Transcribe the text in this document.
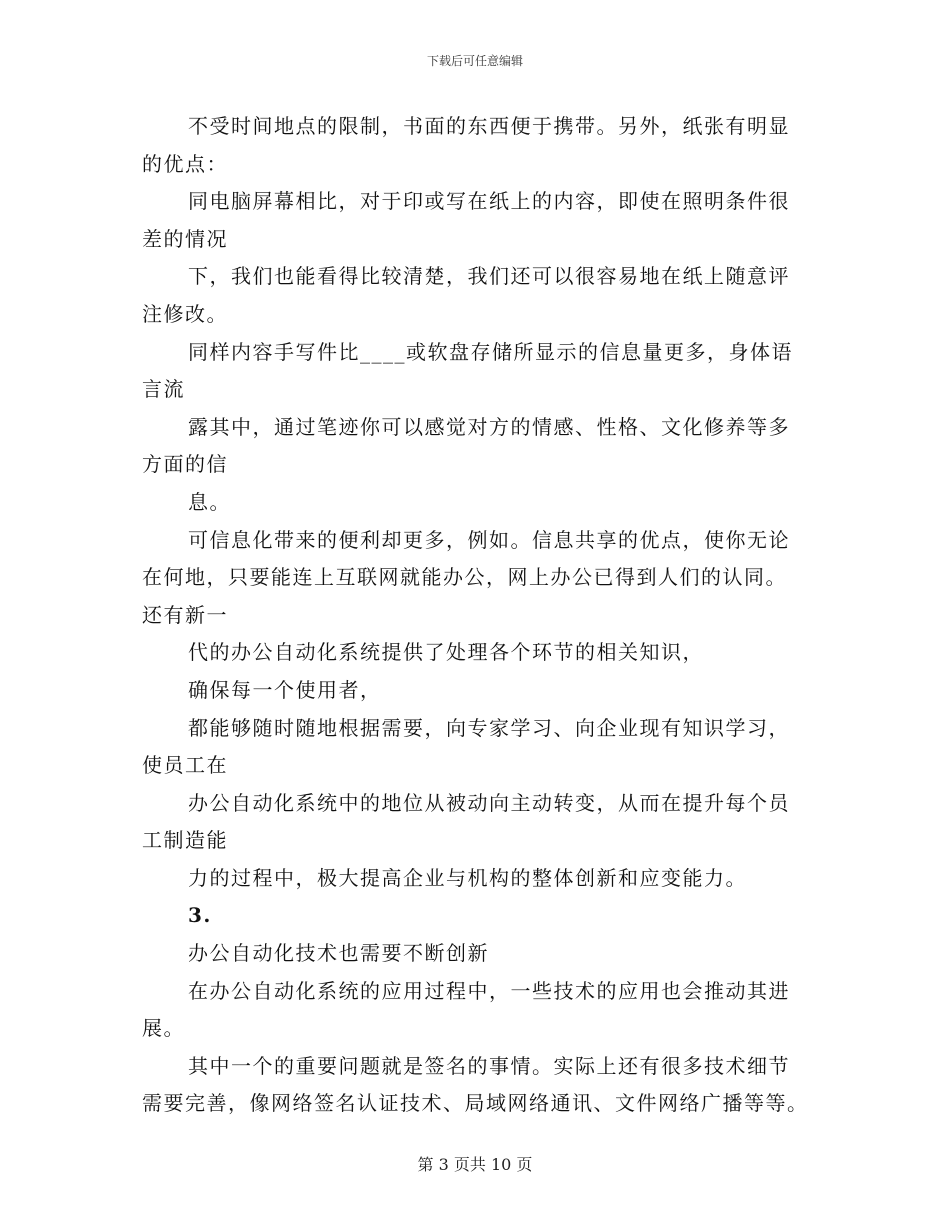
下载后可任意编辑
不受时间地点的限制，书面的东西便于携带。另外，纸张有明显
的优点：
同电脑屏幕相比，对于印或写在纸上的内容，即使在照明条件很
差的情况
下，我们也能看得比较清楚，我们还可以很容易地在纸上随意评
注修改。
同样内容手写件比____或软盘存储所显示的信息量更多，身体语
言流
露其中，通过笔迹你可以感觉对方的情感、性格、文化修养等多
方面的信
息。
可信息化带来的便利却更多，例如。信息共享的优点，使你无论
在何地，只要能连上互联网就能办公，网上办公已得到人们的认同。
还有新一
代的办公自动化系统提供了处理各个环节的相关知识，
确保每一个使用者，
都能够随时随地根据需要，向专家学习、向企业现有知识学习，
使员工在
办公自动化系统中的地位从被动向主动转变，从而在提升每个员
工制造能
力的过程中，极大提高企业与机构的整体创新和应变能力。
3.
办公自动化技术也需要不断创新
在办公自动化系统的应用过程中，一些技术的应用也会推动其进
展。
其中一个的重要问题就是签名的事情。实际上还有很多技术细节
需要完善，像网络签名认证技术、局域网络通讯、文件网络广播等等。
第 3 页共 10 页
